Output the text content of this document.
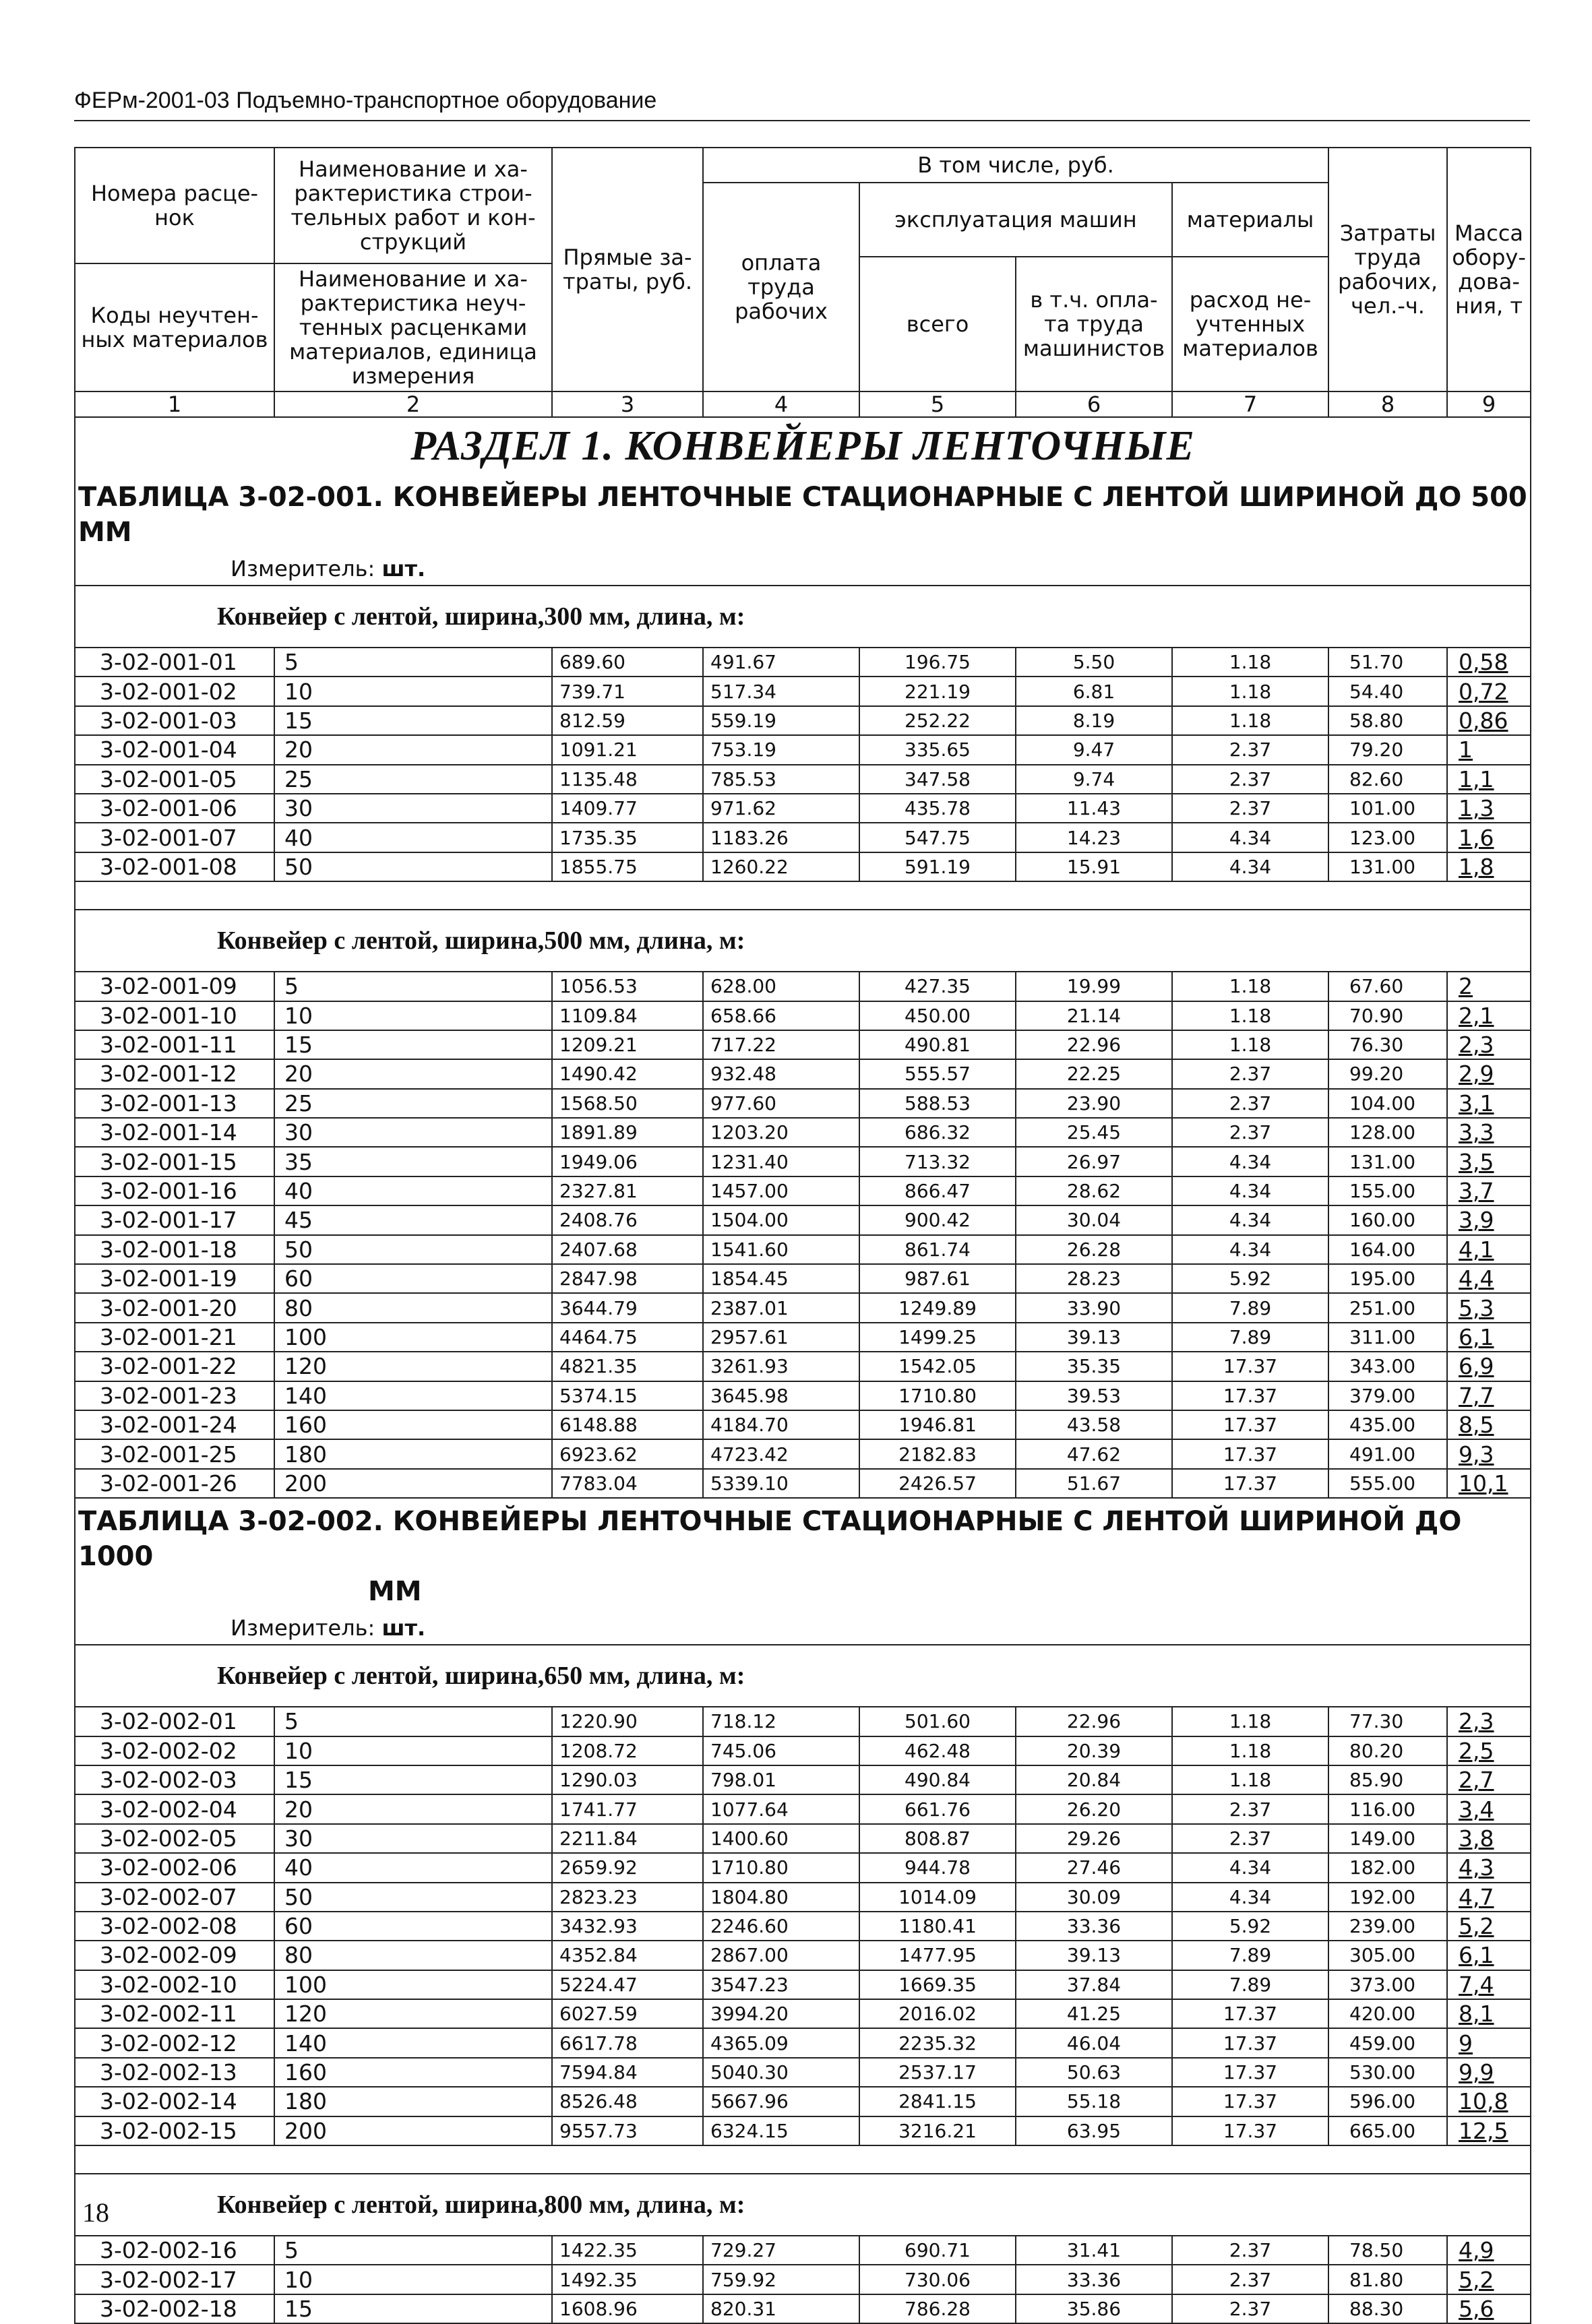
ФЕРм-2001-03 Подъемно-транспортное оборудование
Номера расце-нок	Наименование и ха-рактеристика строи-тельных работ и кон-струкций	Прямые за-траты, руб.	В том числе, руб.				Затраты труда рабочих, чел.-ч.	Масса обору-дова-ния, т
			оплата труда рабочих	эксплуатация машин		материалы		
				всего	в т.ч. опла-та труда машинистов	расход не-учтенных материалов		
Коды неучтен-ных материалов	Наименование и ха-рактеристика неуч-тенных расценками материалов, единица измерения							

1	2	3	4	5	6	7	8	9
РАЗДЕЛ 1. КОНВЕЙЕРЫ ЛЕНТОЧНЫЕ								
ТАБЛИЦА 3-02-001. КОНВЕЙЕРЫ ЛЕНТОЧНЫЕ СТАЦИОНАРНЫЕ С ЛЕНТОЙ ШИРИНОЙ ДО 500 ММ								
Измеритель: шт.								
Конвейер с лентой, ширина,300 мм, длина, м:								
3-02-001-01	5	689.60	491.67	196.75	5.50	1.18	51.70	0,58
3-02-001-02	10	739.71	517.34	221.19	6.81	1.18	54.40	0,72
3-02-001-03	15	812.59	559.19	252.22	8.19	1.18	58.80	0,86
3-02-001-04	20	1091.21	753.19	335.65	9.47	2.37	79.20	1
3-02-001-05	25	1135.48	785.53	347.58	9.74	2.37	82.60	1,1
3-02-001-06	30	1409.77	971.62	435.78	11.43	2.37	101.00	1,3
3-02-001-07	40	1735.35	1183.26	547.75	14.23	4.34	123.00	1,6
3-02-001-08	50	1855.75	1260.22	591.19	15.91	4.34	131.00	1,8

Конвейер с лентой, ширина,500 мм, длина, м:								
3-02-001-09	5	1056.53	628.00	427.35	19.99	1.18	67.60	2
3-02-001-10	10	1109.84	658.66	450.00	21.14	1.18	70.90	2,1
3-02-001-11	15	1209.21	717.22	490.81	22.96	1.18	76.30	2,3
3-02-001-12	20	1490.42	932.48	555.57	22.25	2.37	99.20	2,9
3-02-001-13	25	1568.50	977.60	588.53	23.90	2.37	104.00	3,1
3-02-001-14	30	1891.89	1203.20	686.32	25.45	2.37	128.00	3,3
3-02-001-15	35	1949.06	1231.40	713.32	26.97	4.34	131.00	3,5
3-02-001-16	40	2327.81	1457.00	866.47	28.62	4.34	155.00	3,7
3-02-001-17	45	2408.76	1504.00	900.42	30.04	4.34	160.00	3,9
3-02-001-18	50	2407.68	1541.60	861.74	26.28	4.34	164.00	4,1
3-02-001-19	60	2847.98	1854.45	987.61	28.23	5.92	195.00	4,4
3-02-001-20	80	3644.79	2387.01	1249.89	33.90	7.89	251.00	5,3
3-02-001-21	100	4464.75	2957.61	1499.25	39.13	7.89	311.00	6,1
3-02-001-22	120	4821.35	3261.93	1542.05	35.35	17.37	343.00	6,9
3-02-001-23	140	5374.15	3645.98	1710.80	39.53	17.37	379.00	7,7
3-02-001-24	160	6148.88	4184.70	1946.81	43.58	17.37	435.00	8,5
3-02-001-25	180	6923.62	4723.42	2182.83	47.62	17.37	491.00	9,3
3-02-001-26	200	7783.04	5339.10	2426.57	51.67	17.37	555.00	10,1
ТАБЛИЦА 3-02-002. КОНВЕЙЕРЫ ЛЕНТОЧНЫЕ СТАЦИОНАРНЫЕ С ЛЕНТОЙ ШИРИНОЙ ДО 1000
ММ								

Измеритель: шт.								
Конвейер с лентой, ширина,650 мм, длина, м:								
3-02-002-01	5	1220.90	718.12	501.60	22.96	1.18	77.30	2,3
3-02-002-02	10	1208.72	745.06	462.48	20.39	1.18	80.20	2,5
3-02-002-03	15	1290.03	798.01	490.84	20.84	1.18	85.90	2,7
3-02-002-04	20	1741.77	1077.64	661.76	26.20	2.37	116.00	3,4
3-02-002-05	30	2211.84	1400.60	808.87	29.26	2.37	149.00	3,8
3-02-002-06	40	2659.92	1710.80	944.78	27.46	4.34	182.00	4,3
3-02-002-07	50	2823.23	1804.80	1014.09	30.09	4.34	192.00	4,7
3-02-002-08	60	3432.93	2246.60	1180.41	33.36	5.92	239.00	5,2
3-02-002-09	80	4352.84	2867.00	1477.95	39.13	7.89	305.00	6,1
3-02-002-10	100	5224.47	3547.23	1669.35	37.84	7.89	373.00	7,4
3-02-002-11	120	6027.59	3994.20	2016.02	41.25	17.37	420.00	8,1
3-02-002-12	140	6617.78	4365.09	2235.32	46.04	17.37	459.00	9
3-02-002-13	160	7594.84	5040.30	2537.17	50.63	17.37	530.00	9,9
3-02-002-14	180	8526.48	5667.96	2841.15	55.18	17.37	596.00	10,8
3-02-002-15	200	9557.73	6324.15	3216.21	63.95	17.37	665.00	12,5

Конвейер с лентой, ширина,800 мм, длина, м:								
3-02-002-16	5	1422.35	729.27	690.71	31.41	2.37	78.50	4,9
3-02-002-17	10	1492.35	759.92	730.06	33.36	2.37	81.80	5,2
3-02-002-18	15	1608.96	820.31	786.28	35.86	2.37	88.30	5,6
18
